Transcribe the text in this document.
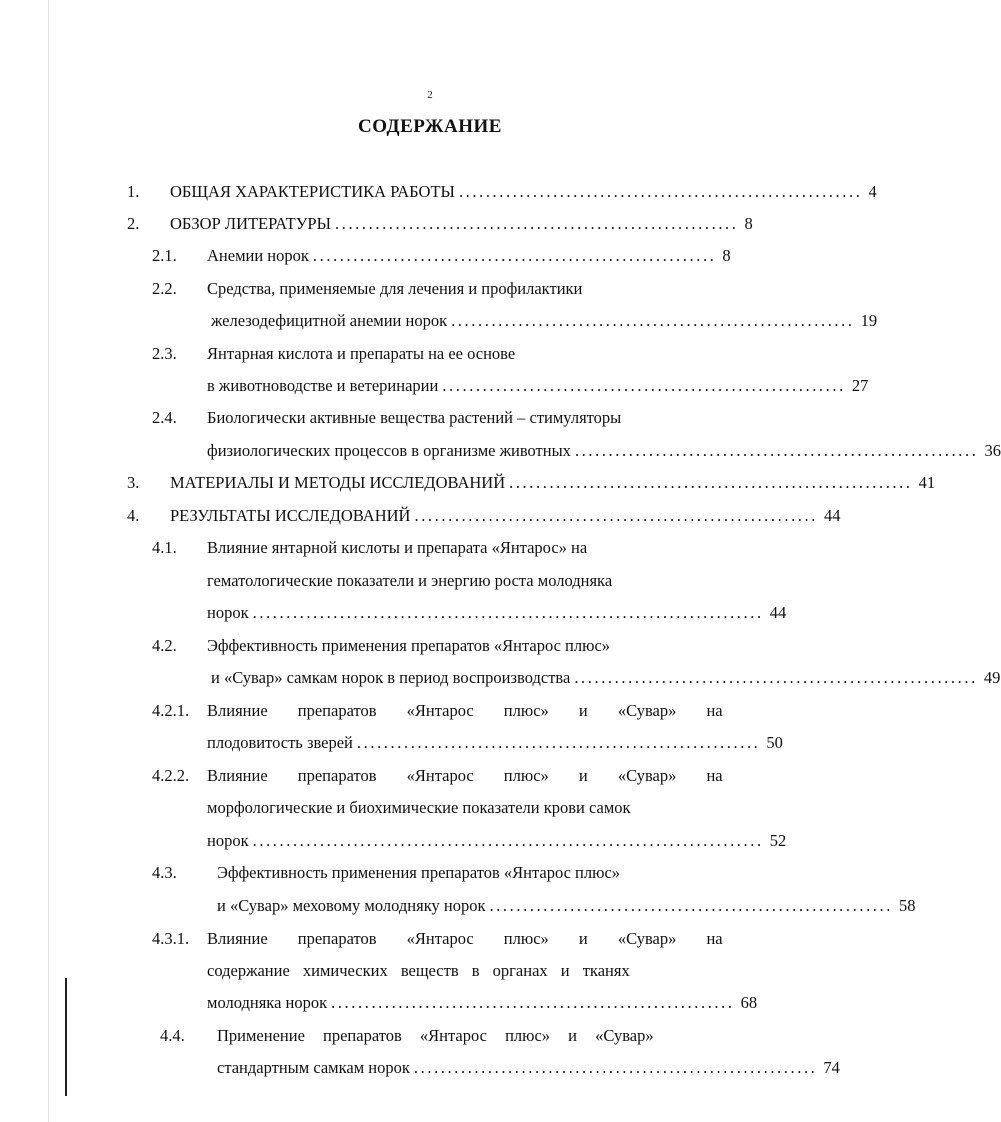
2
СОДЕРЖАНИЕ
1. ОБЩАЯ ХАРАКТЕРИСТИКА РАБОТЫ ............................................................ 4
2. ОБЗОР ЛИТЕРАТУРЫ ............................................................ 8
2.1. Анемии норок ............................................................ 8
2.2. Средства, применяемые для лечения и профилактики
железодефицитной анемии норок ............................................................ 19
2.3. Янтарная кислота и препараты на ее основе
в животноводстве и ветеринарии ............................................................ 27
2.4. Биологически активные вещества растений – стимуляторы
физиологических процессов в организме животных ............................................................ 36
3. МАТЕРИАЛЫ И МЕТОДЫ ИССЛЕДОВАНИЙ ............................................................ 41
4. РЕЗУЛЬТАТЫ ИССЛЕДОВАНИЙ ............................................................ 44
4.1. Влияние янтарной кислоты и препарата «Янтарос» на
гематологические показатели и энергию роста молодняка
норок ............................................................................ 44
4.2. Эффективность применения препаратов «Янтарос плюс»
и «Сувар» самкам норок в период воспроизводства ............................................................ 49
4.2.1. Влияние препаратов «Янтарос плюс» и «Сувар» на
плодовитость зверей ............................................................ 50
4.2.2. Влияние препаратов «Янтарос плюс» и «Сувар» на
морфологические и биохимические показатели крови самок
норок ............................................................................ 52
4.3. Эффективность применения препаратов «Янтарос плюс»
и «Сувар» меховому молодняку норок ............................................................ 58
4.3.1. Влияние препаратов «Янтарос плюс» и «Сувар» на
содержание химических веществ в органах и тканях
молодняка норок ............................................................ 68
4.4. Применение препаратов «Янтарос плюс» и «Сувар»
стандартным самкам норок ............................................................ 74
